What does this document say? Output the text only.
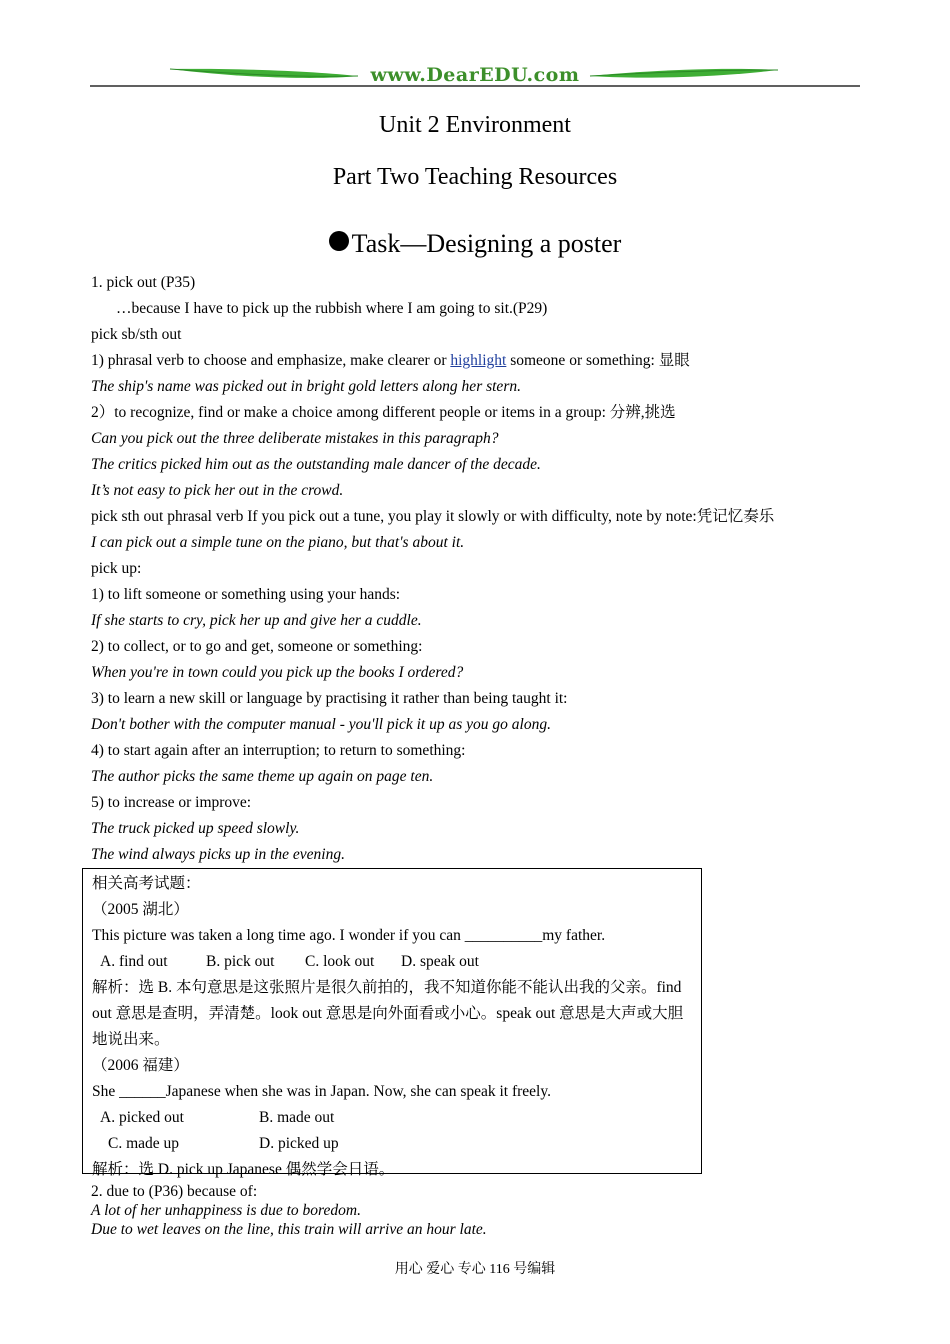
www.DearEDU.com
Unit 2 Environment
Part Two Teaching Resources
Task—Designing a poster

1. pick out (P35)

…because I have to pick up the rubbish where I am going to sit.(P29)

pick sb/sth out

1) phrasal verb to choose and emphasize, make clearer or highlight someone or something: 显眼

The ship's name was picked out in bright gold letters along her stern.

2）to recognize, find or make a choice among different people or items in a group: 分辨,挑选

Can you pick out the three deliberate mistakes in this paragraph?

The critics picked him out as the outstanding male dancer of the decade.

It’s not easy to pick her out in the crowd.

pick sth out phrasal verb If you pick out a tune, you play it slowly or with difficulty, note by note:凭记忆奏乐

I can pick out a simple tune on the piano, but that's about it.

pick up:

1) to lift someone or something using your hands:

If she starts to cry, pick her up and give her a cuddle.

2) to collect, or to go and get, someone or something:

When you're in town could you pick up the books I ordered?

3) to learn a new skill or language by practising it rather than being taught it:

Don't bother with the computer manual - you'll pick it up as you go along.

4) to start again after an interruption; to return to something:

The author picks the same theme up again on page ten.

5) to increase or improve:

The truck picked up speed slowly.

The wind always picks up in the evening.

相关高考试题：

（2005 湖北）

This picture was taken a long time ago. I wonder if you can __________my father.

A. find out B. pick out C. look out D. speak out

解析：选 B. 本句意思是这张照片是很久前拍的，我不知道你能不能认出我的父亲。find out 意思是查明，弄清楚。look out 意思是向外面看或小心。speak out 意思是大声或大胆地说出来。

（2006 福建）

She ______Japanese when she was in Japan. Now, she can speak it freely.

A. picked out	B. made out

C. made up	D. picked up

解析：选 D. pick up Japanese 偶然学会日语。

2. due to (P36) because of:

A lot of her unhappiness is due to boredom.

Due to wet leaves on the line, this train will arrive an hour late.

用心 爱心 专心 116 号编辑
